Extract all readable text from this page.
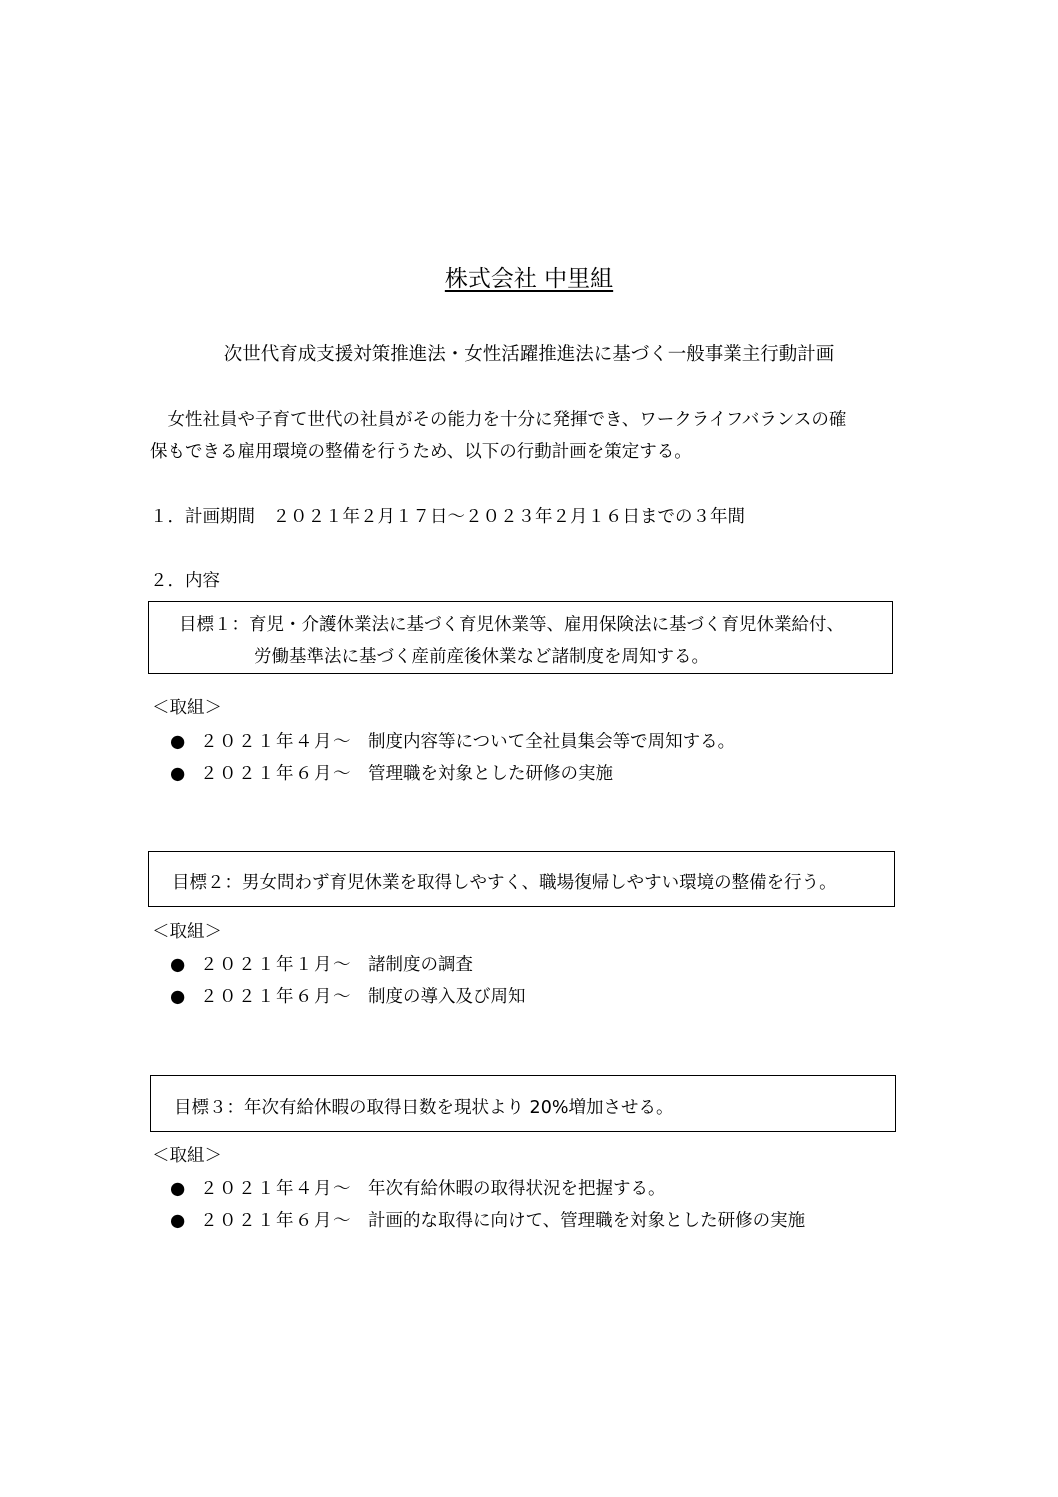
株式会社 中里組
次世代育成支援対策推進法・女性活躍推進法に基づく一般事業主行動計画
　女性社員や子育て世代の社員がその能力を十分に発揮でき、ワークライフバランスの確
保もできる雇用環境の整備を行うため、以下の行動計画を策定する。
１．計画期間　２０２１年２月１７日～２０２３年２月１６日までの３年間
２．内容
目標１：育児・介護休業法に基づく育児休業等、雇用保険法に基づく育児休業給付、
労働基準法に基づく産前産後休業など諸制度を周知する。
＜取組＞
● ２０２１年４月～ 制度内容等について全社員集会等で周知する。
● ２０２１年６月～ 管理職を対象とした研修の実施
目標２：男女問わず育児休業を取得しやすく、職場復帰しやすい環境の整備を行う。
＜取組＞
● ２０２１年１月～ 諸制度の調査
● ２０２１年６月～ 制度の導入及び周知
目標３：年次有給休暇の取得日数を現状より 20%増加させる。
＜取組＞
● ２０２１年４月～ 年次有給休暇の取得状況を把握する。
● ２０２１年６月～ 計画的な取得に向けて、管理職を対象とした研修の実施
